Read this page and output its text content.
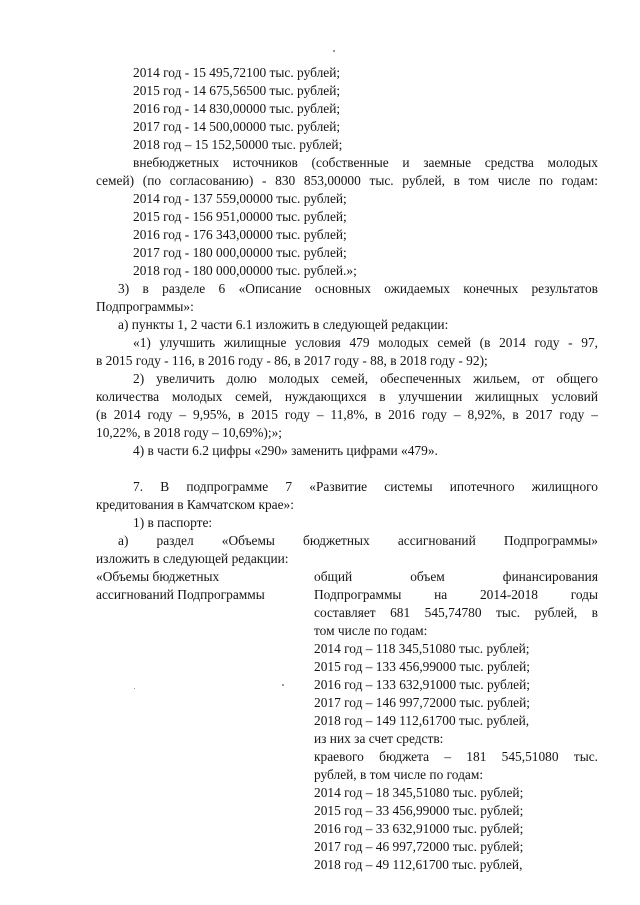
2014 год - 15 495,72100 тыс. рублей;
2015 год - 14 675,56500 тыс. рублей;
2016 год - 14 830,00000 тыс. рублей;
2017 год - 14 500,00000 тыс. рублей;
2018 год – 15 152,50000 тыс. рублей;
внебюджетных источников (собственные и заемные средства молодых
семей) (по согласованию) - 830 853,00000 тыс. рублей, в том числе по годам:
2014 год - 137 559,00000 тыс. рублей;
2015 год - 156 951,00000 тыс. рублей;
2016 год - 176 343,00000 тыс. рублей;
2017 год - 180 000,00000 тыс. рублей;
2018 год - 180 000,00000 тыс. рублей.»;
3) в разделе 6 «Описание основных ожидаемых конечных результатов
Подпрограммы»:
а) пункты 1, 2 части 6.1 изложить в следующей редакции:
«1) улучшить жилищные условия 479 молодых семей (в 2014 году - 97,
в 2015 году - 116, в 2016 году - 86, в 2017 году - 88, в 2018 году - 92);
2) увеличить долю молодых семей, обеспеченных жильем, от общего
количества молодых семей, нуждающихся в улучшении жилищных условий
(в 2014 году – 9,95%, в 2015 году – 11,8%, в 2016 году – 8,92%, в 2017 году –
10,22%, в 2018 году – 10,69%);»;
4) в части 6.2 цифры «290» заменить цифрами «479».
7. В подпрограмме 7 «Развитие системы ипотечного жилищного
кредитования в Камчатском крае»:
1) в паспорте:
а) раздел «Объемы бюджетных ассигнований Подпрограммы»
изложить в следующей редакции:
«Объемы бюджетных
ассигнований Подпрограммы
общий объем финансирования
Подпрограммы на 2014-2018 годы
составляет 681 545,74780 тыс. рублей, в
том числе по годам:
2014 год – 118 345,51080 тыс. рублей;
2015 год – 133 456,99000 тыс. рублей;
2016 год – 133 632,91000 тыс. рублей;
2017 год – 146 997,72000 тыс. рублей;
2018 год – 149 112,61700 тыс. рублей,
из них за счет средств:
краевого бюджета – 181 545,51080 тыс.
рублей, в том числе по годам:
2014 год – 18 345,51080 тыс. рублей;
2015 год – 33 456,99000 тыс. рублей;
2016 год – 33 632,91000 тыс. рублей;
2017 год – 46 997,72000 тыс. рублей;
2018 год – 49 112,61700 тыс. рублей,
